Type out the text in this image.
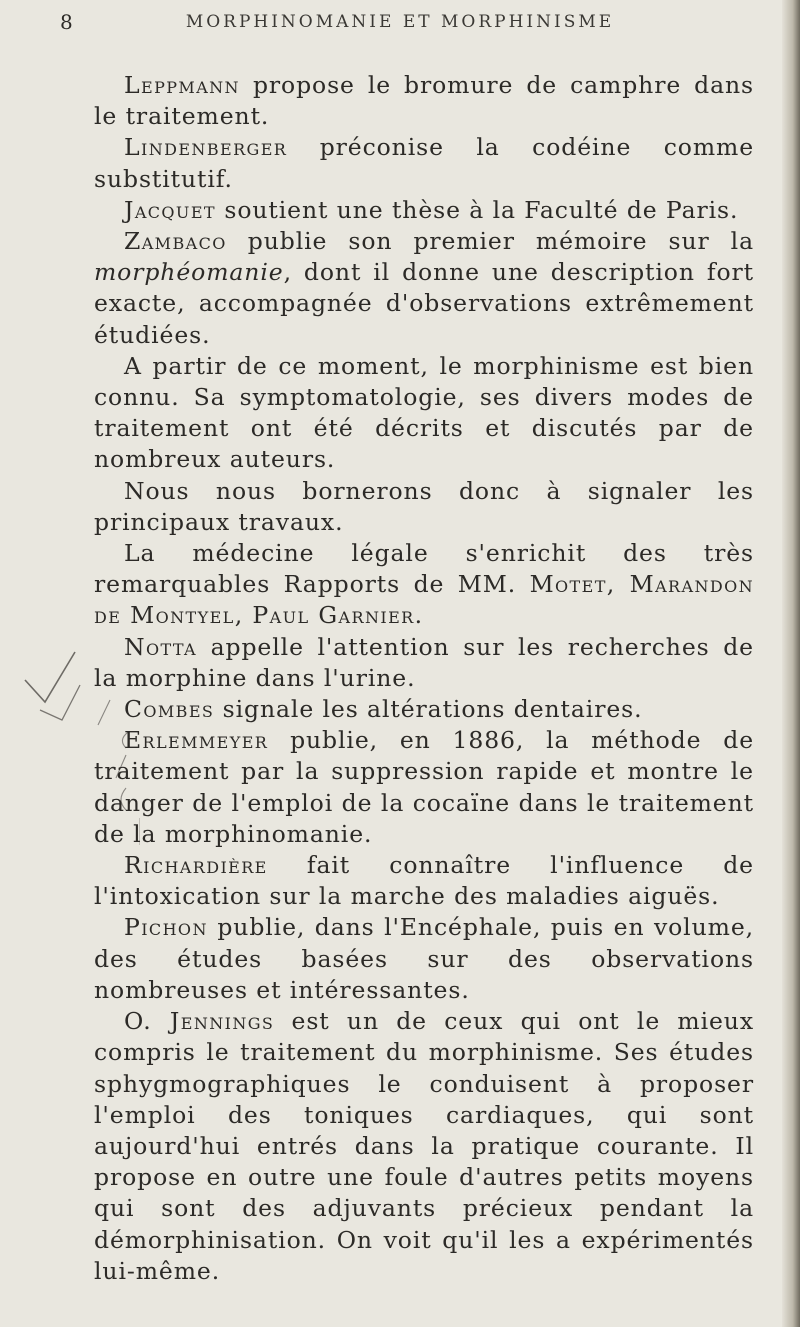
8	MORPHINOMANIE ET MORPHINISME

Leppmann propose le bromure de camphre dans le traitement.

Lindenberger préconise la codéine comme substitutif.

Jacquet soutient une thèse à la Faculté de Paris.

Zambaco publie son premier mémoire sur la morphéomanie, dont il donne une description fort exacte, accompagnée d'observations extrêmement étudiées.

A partir de ce moment, le morphinisme est bien connu. Sa symptomatologie, ses divers modes de traitement ont été décrits et discutés par de nombreux auteurs.

Nous nous bornerons donc à signaler les principaux travaux.

La médecine légale s'enrichit des très remarquables Rapports de MM. Motet, Marandon de Montyel, Paul Garnier.

Notta appelle l'attention sur les recherches de la morphine dans l'urine.

Combes signale les altérations dentaires.

Erlemmeyer publie, en 1886, la méthode de traitement par la suppression rapide et montre le danger de l'emploi de la cocaïne dans le traitement de la morphinomanie.

Richardière fait connaître l'influence de l'intoxication sur la marche des maladies aiguës.

Pichon publie, dans l'Encéphale, puis en volume, des études basées sur des observations nombreuses et intéressantes.

O. Jennings est un de ceux qui ont le mieux compris le traitement du morphinisme. Ses études sphygmographiques le conduisent à proposer l'emploi des toniques cardiaques, qui sont aujourd'hui entrés dans la pratique courante. Il propose en outre une foule d'autres petits moyens qui sont des adjuvants précieux pendant la démorphinisation. On voit qu'il les a expérimentés lui-même.
